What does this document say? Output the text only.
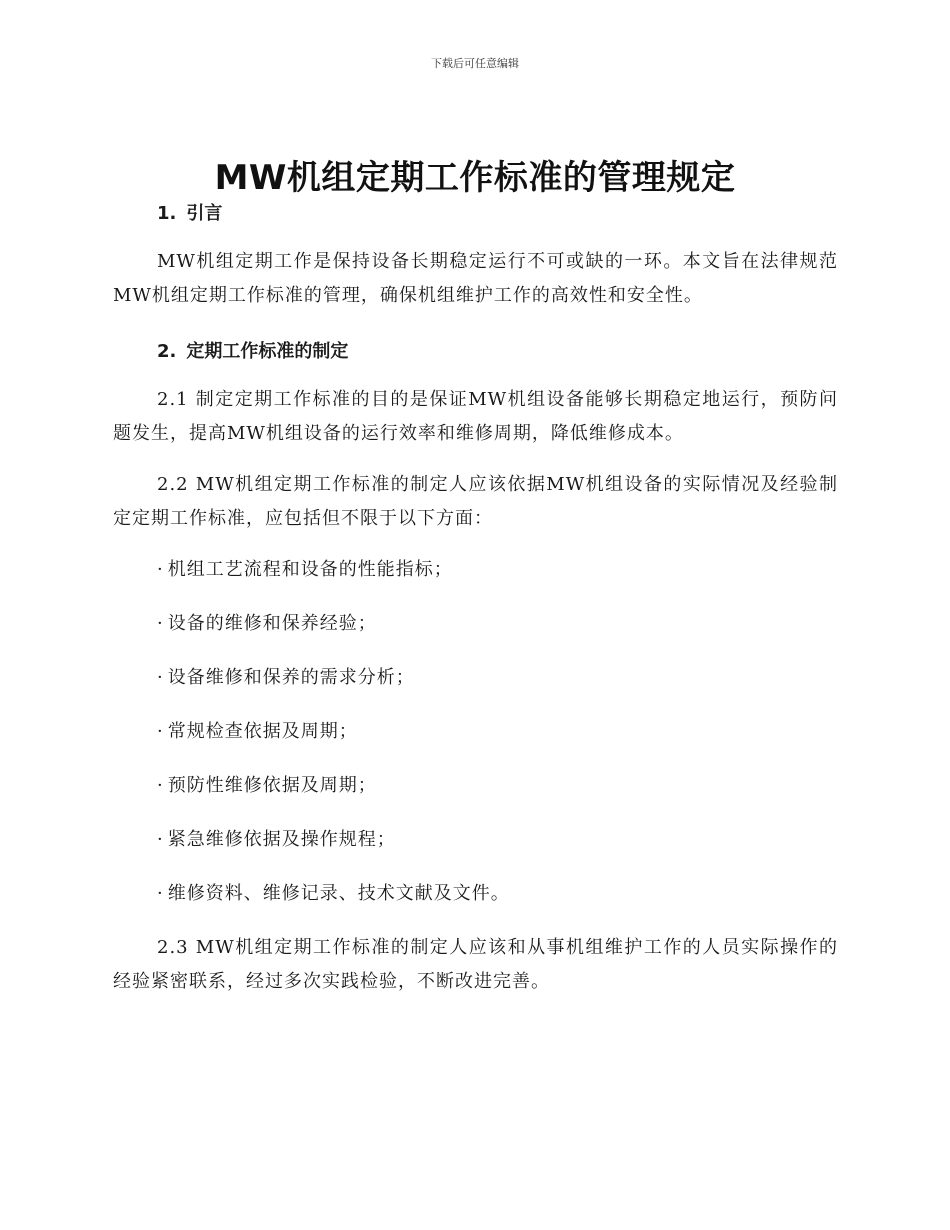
下载后可任意编辑
MW机组定期工作标准的管理规定
1. 引言

MW机组定期工作是保持设备长期稳定运行不可或缺的一环。本文旨在法律规范MW机组定期工作标准的管理，确保机组维护工作的高效性和安全性。

2. 定期工作标准的制定

2.1 制定定期工作标准的目的是保证MW机组设备能够长期稳定地运行，预防问题发生，提高MW机组设备的运行效率和维修周期，降低维修成本。

2.2 MW机组定期工作标准的制定人应该依据MW机组设备的实际情况及经验制定定期工作标准，应包括但不限于以下方面：

· 机组工艺流程和设备的性能指标；
· 设备的维修和保养经验；
· 设备维修和保养的需求分析；
· 常规检查依据及周期；
· 预防性维修依据及周期；
· 紧急维修依据及操作规程；
· 维修资料、维修记录、技术文献及文件。

2.3 MW机组定期工作标准的制定人应该和从事机组维护工作的人员实际操作的经验紧密联系，经过多次实践检验，不断改进完善。
